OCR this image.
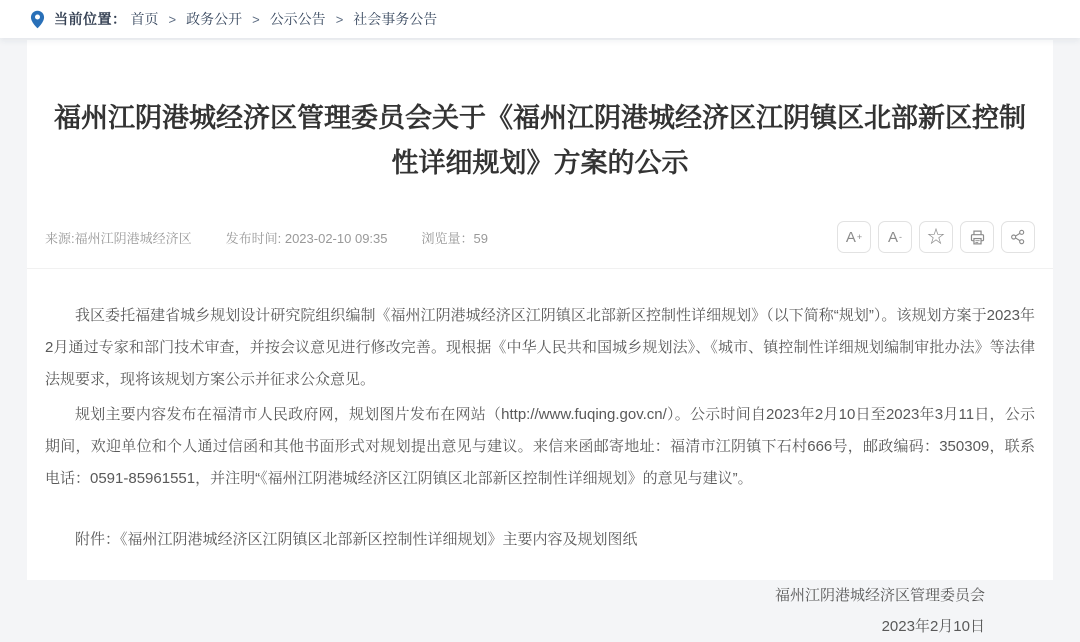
当前位置： 首页 > 政务公开 > 公示公告 > 社会事务公告
福州江阴港城经济区管理委员会关于《福州江阴港城经济区江阴镇区北部新区控制性详细规划》方案的公示
来源:福州江阴港城经济区	发布时间: 2023-02-10 09:35	浏览量：59	A + A - ☆

我区委托福建省城乡规划设计研究院组织编制《福州江阴港城经济区江阴镇区北部新区控制性详细规划》（以下简称“规划”）。该规划方案于2023年2月通过专家和部门技术审查，并按会议意见进行修改完善。现根据《中华人民共和国城乡规划法》、《城市、镇控制性详细规划编制审批办法》等法律法规要求，现将该规划方案公示并征求公众意见。

规划主要内容发布在福清市人民政府网，规划图片发布在网站（http://www.fuqing.gov.cn/）。公示时间自2023年2月10日至2023年3月11日，公示期间，欢迎单位和个人通过信函和其他书面形式对规划提出意见与建议。来信来函邮寄地址：福清市江阴镇下石村666号，邮政编码：350309，联系电话：0591-85961551，并注明“《福州江阴港城经济区江阴镇区北部新区控制性详细规划》的意见与建议”。

附件：《福州江阴港城经济区江阴镇区北部新区控制性详细规划》主要内容及规划图纸

福州江阴港城经济区管理委员会
2023年2月10日
